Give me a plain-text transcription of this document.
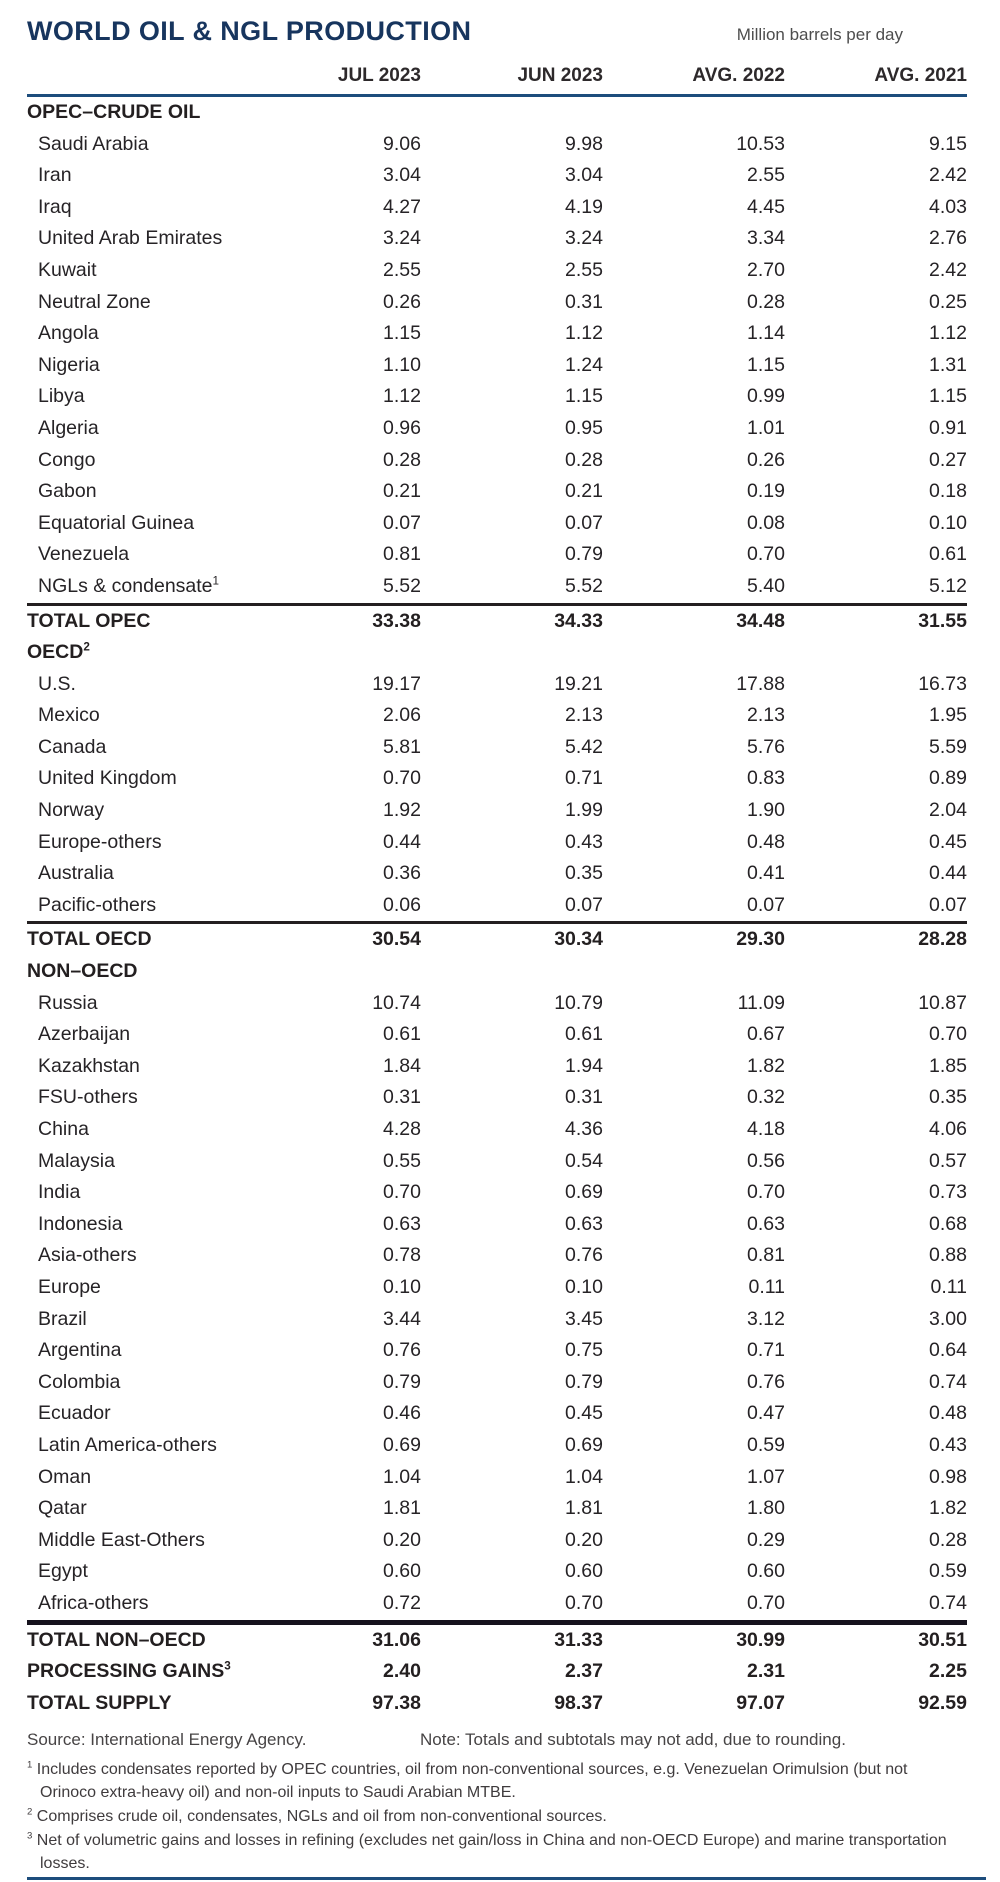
WORLD OIL & NGL PRODUCTION	Million barrels per day
	JUL 2023	JUN 2023	AVG. 2022	AVG. 2021
OPEC–CRUDE OIL				
Saudi Arabia	9.06	9.98	10.53	9.15
Iran	3.04	3.04	2.55	2.42
Iraq	4.27	4.19	4.45	4.03
United Arab Emirates	3.24	3.24	3.34	2.76
Kuwait	2.55	2.55	2.70	2.42
Neutral Zone	0.26	0.31	0.28	0.25
Angola	1.15	1.12	1.14	1.12
Nigeria	1.10	1.24	1.15	1.31
Libya	1.12	1.15	0.99	1.15
Algeria	0.96	0.95	1.01	0.91
Congo	0.28	0.28	0.26	0.27
Gabon	0.21	0.21	0.19	0.18
Equatorial Guinea	0.07	0.07	0.08	0.10
Venezuela	0.81	0.79	0.70	0.61
NGLs & condensate$^1$	5.52	5.52	5.40	5.12
TOTAL OPEC	33.38	34.33	34.48	31.55
OECD$^2$				
U.S.	19.17	19.21	17.88	16.73
Mexico	2.06	2.13	2.13	1.95
Canada	5.81	5.42	5.76	5.59
United Kingdom	0.70	0.71	0.83	0.89
Norway	1.92	1.99	1.90	2.04
Europe-others	0.44	0.43	0.48	0.45
Australia	0.36	0.35	0.41	0.44
Pacific-others	0.06	0.07	0.07	0.07
TOTAL OECD	30.54	30.34	29.30	28.28
NON–OECD				
Russia	10.74	10.79	11.09	10.87
Azerbaijan	0.61	0.61	0.67	0.70
Kazakhstan	1.84	1.94	1.82	1.85
FSU-others	0.31	0.31	0.32	0.35
China	4.28	4.36	4.18	4.06
Malaysia	0.55	0.54	0.56	0.57
India	0.70	0.69	0.70	0.73
Indonesia	0.63	0.63	0.63	0.68
Asia-others	0.78	0.76	0.81	0.88
Europe	0.10	0.10	0.11	0.11
Brazil	3.44	3.45	3.12	3.00
Argentina	0.76	0.75	0.71	0.64
Colombia	0.79	0.79	0.76	0.74
Ecuador	0.46	0.45	0.47	0.48
Latin America-others	0.69	0.69	0.59	0.43
Oman	1.04	1.04	1.07	0.98
Qatar	1.81	1.81	1.80	1.82
Middle East-Others	0.20	0.20	0.29	0.28
Egypt	0.60	0.60	0.60	0.59
Africa-others	0.72	0.70	0.70	0.74
TOTAL NON–OECD	31.06	31.33	30.99	30.51
PROCESSING GAINS$^3$	2.40	2.37	2.31	2.25
TOTAL SUPPLY	97.38	98.37	97.07	92.59
Source: International Energy Agency.	Note: Totals and subtotals may not add, due to rounding.
$^1$ Includes condensates reported by OPEC countries, oil from non-conventional sources, e.g. Venezuelan Orimulsion (but not Orinoco extra-heavy oil) and non-oil inputs to Saudi Arabian MTBE.
$^2$ Comprises crude oil, condensates, NGLs and oil from non-conventional sources.
$^3$ Net of volumetric gains and losses in refining (excludes net gain/loss in China and non-OECD Europe) and marine transportation losses.
